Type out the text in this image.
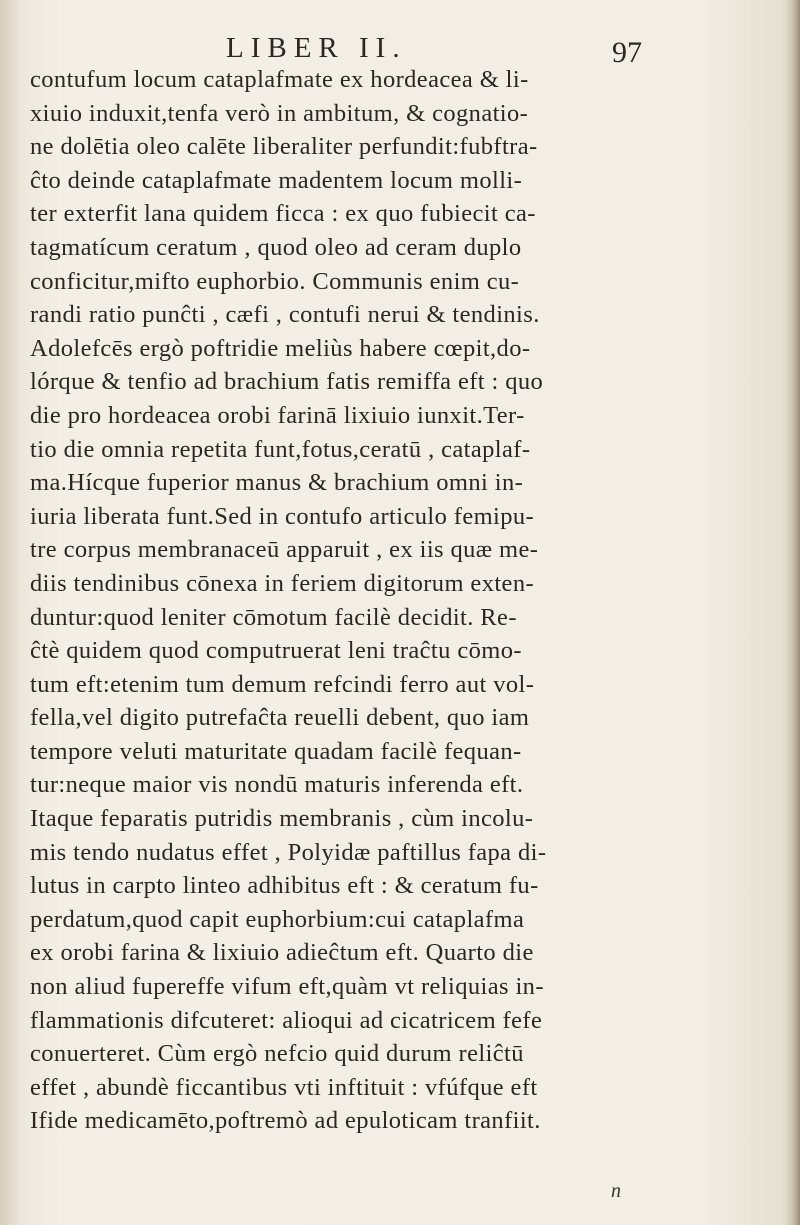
LIBER II.	97
contufum locum cataplafmate ex hordeacea & li-
xiuio induxit,tenfa verò in ambitum, & cognatio-
ne dolētia oleo calēte liberaliter perfundit:fubftra-
ĉto deinde cataplafmate madentem locum molli-
ter exterfit lana quidem ficca : ex quo fubiecit ca-
tagmatícum ceratum , quod oleo ad ceram duplo
conficitur,mifto euphorbio. Communis enim cu-
randi ratio punĉti , cæfi , contufi nerui & tendinis.
Adolefcēs ergò poftridie meliùs habere cœpit,do-
lórque & tenfio ad brachium fatis remiffa eft : quo
die pro hordeacea orobi farinā lixiuio iunxit.Ter-
tio die omnia repetita funt,fotus,ceratū , cataplaf-
ma.Hícque fuperior manus & brachium omni in-
iuria liberata funt.Sed in contufo articulo femipu-
tre corpus membranaceū apparuit , ex iis quæ me-
diis tendinibus cōnexa in feriem digitorum exten-
duntur:quod leniter cōmotum facilè decidit. Re-
ĉtè quidem quod computruerat leni traĉtu cōmo-
tum eft:etenim tum demum refcindi ferro aut vol-
fella,vel digito putrefaĉta reuelli debent, quo iam
tempore veluti maturitate quadam facilè fequan-
tur:neque maior vis nondū maturis inferenda eft.
Itaque feparatis putridis membranis , cùm incolu-
mis tendo nudatus effet , Polyidæ paftillus fapa di-
lutus in carpto linteo adhibitus eft : & ceratum fu-
perdatum,quod capit euphorbium:cui cataplafma
ex orobi farina & lixiuio adieĉtum eft. Quarto die
non aliud fupereffe vifum eft,quàm vt reliquias in-
flammationis difcuteret: alioqui ad cicatricem fefe
conuerteret. Cùm ergò nefcio quid durum reliĉtū
effet , abundè ficcantibus vti inftituit : vfúfque eft
Ifide medicamēto,poftremò ad epuloticam tranfiit.
n
